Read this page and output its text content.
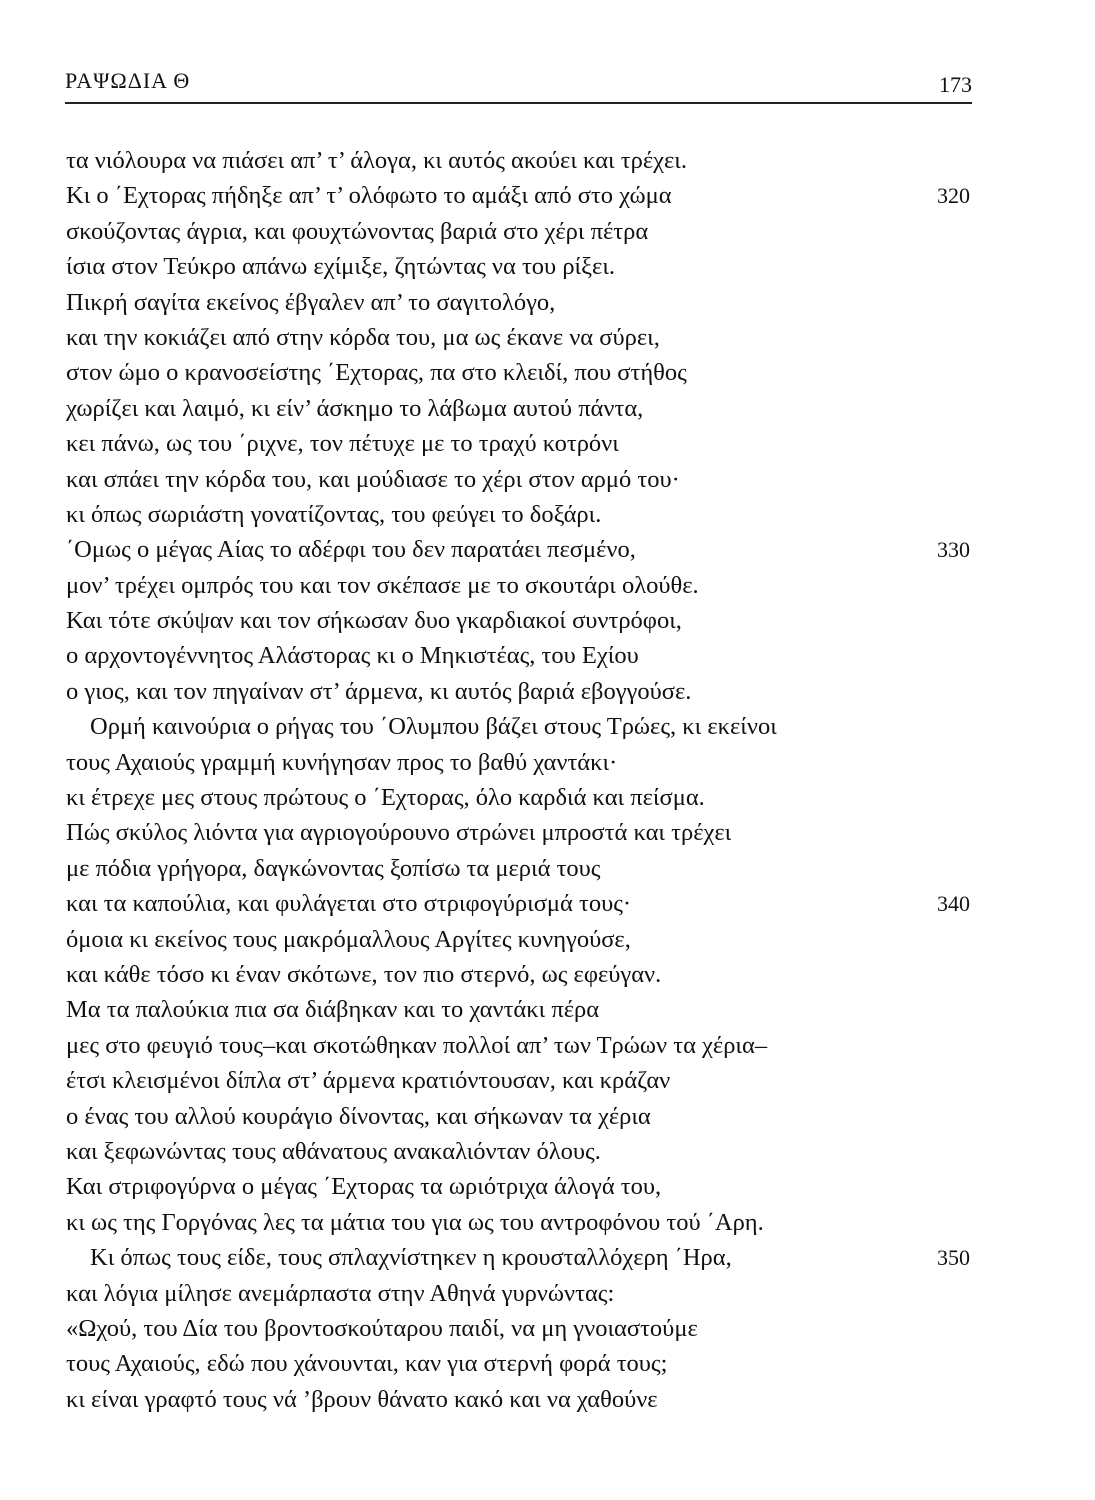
ΡΑΨΩΔΙΑ Θ	173
τα νιόλουρα να πιάσει απ’ τ’ άλογα, κι αυτός ακούει και τρέχει.
Κι ο ΄Εχτορας πήδηξε απ’ τ’ ολόφωτο το αμάξι από στο χώμα	320
σκούζοντας άγρια, και φουχτώνοντας βαριά στο χέρι πέτρα
ίσια στον Τεύκρο απάνω εχίμιξε, ζητώντας να του ρίξει.
Πικρή σαγίτα εκείνος έβγαλεν απ’ το σαγιτολόγο,
και την κοκιάζει από στην κόρδα του, μα ως έκανε να σύρει,
στον ώμο ο κρανοσείστης ΄Εχτορας, πα στο κλειδί, που στήθος
χωρίζει και λαιμό, κι είν’ άσκημο το λάβωμα αυτού πάντα,
κει πάνω, ως του ΄ριχνε, τον πέτυχε με το τραχύ κοτρόνι
και σπάει την κόρδα του, και μούδιασε το χέρι στον αρμό του·
κι όπως σωριάστη γονατίζοντας, του φεύγει το δοξάρι.
΄Ομως ο μέγας Αίας το αδέρφι του δεν παρατάει πεσμένο,	330
μον’ τρέχει ομπρός του και τον σκέπασε με το σκουτάρι ολούθε.
Και τότε σκύψαν και τον σήκωσαν δυο γκαρδιακοί συντρόφοι,
ο αρχοντογέννητος Αλάστορας κι ο Μηκιστέας, του Εχίου
ο γιος, και τον πηγαίναν στ’ άρμενα, κι αυτός βαριά εβογγούσε.
Ορμή καινούρια ο ρήγας του ΄Ολυμπου βάζει στους Τρώες, κι εκείνοι
τους Αχαιούς γραμμή κυνήγησαν προς το βαθύ χαντάκι·
κι έτρεχε μες στους πρώτους ο ΄Εχτορας, όλο καρδιά και πείσμα.
Πώς σκύλος λιόντα για αγριογούρουνο στρώνει μπροστά και τρέχει
με πόδια γρήγορα, δαγκώνοντας ξοπίσω τα μεριά τους
και τα καπούλια, και φυλάγεται στο στριφογύρισμά τους·	340
όμοια κι εκείνος τους μακρόμαλλους Αργίτες κυνηγούσε,
και κάθε τόσο κι έναν σκότωνε, τον πιο στερνό, ως εφεύγαν.
Μα τα παλούκια πια σα διάβηκαν και το χαντάκι πέρα
μες στο φευγιό τους–και σκοτώθηκαν πολλοί απ’ των Τρώων τα χέρια–
έτσι κλεισμένοι δίπλα στ’ άρμενα κρατιόντουσαν, και κράζαν
ο ένας του αλλού κουράγιο δίνοντας, και σήκωναν τα χέρια
και ξεφωνώντας τους αθάνατους ανακαλιόνταν όλους.
Και στριφογύρνα ο μέγας ΄Εχτορας τα ωριότριχα άλογά του,
κι ως της Γοργόνας λες τα μάτια του για ως του αντροφόνου τού ΄Αρη.
Κι όπως τους είδε, τους σπλαχνίστηκεν η κρουσταλλόχερη ΄Ηρα,	350
και λόγια μίλησε ανεμάρπαστα στην Αθηνά γυρνώντας:
«Ωχού, του Δία του βροντοσκούταρου παιδί, να μη γνοιαστούμε
τους Αχαιούς, εδώ που χάνουνται, καν για στερνή φορά τους;
κι είναι γραφτό τους νά ’βρουν θάνατο κακό και να χαθούνε
